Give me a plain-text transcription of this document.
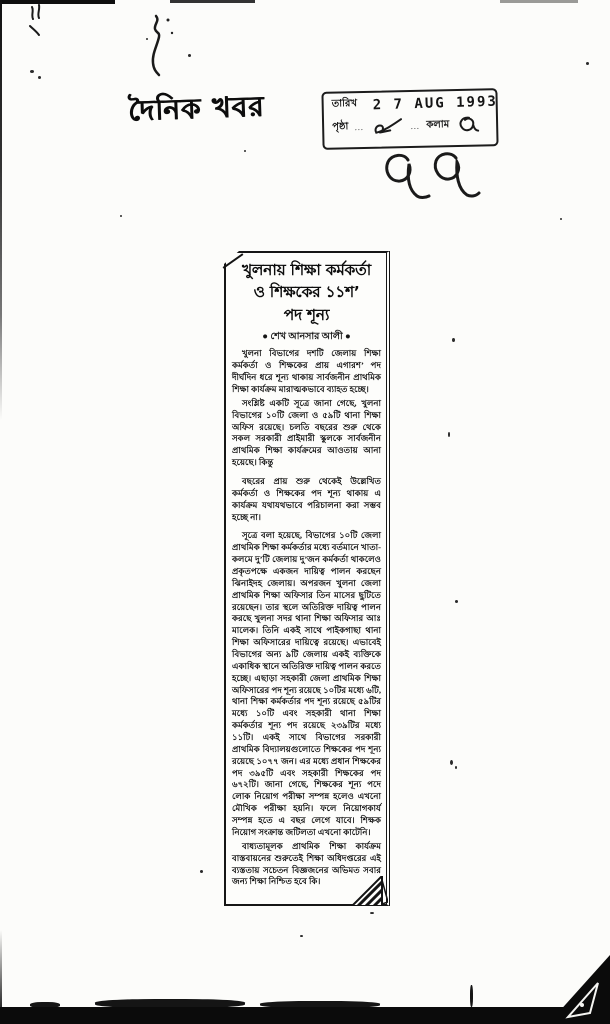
দৈনিক খবর	তারিখ 2 7 AUG 1993
পৃষ্ঠা …	… কলাম
খুলনায় শিক্ষা কর্মকর্তা
ও শিক্ষকের ১১শ’
পদ শূন্য
● শেখ আনসার আলী ●

খুলনা বিভাগের দশটি জেলায় শিক্ষা কর্মকর্তা ও শিক্ষকের প্রায় এগারশ’ পদ দীর্ঘদিন ধরে শূন্য থাকায় সার্বজনীন প্রাথমিক শিক্ষা কার্যক্রম মারাত্মকভাবে ব্যাহত হচ্ছে।

সংশ্লিষ্ট একটি সূত্রে জানা গেছে, খুলনা বিভাগের ১০টি জেলা ও ৫৯টি থানা শিক্ষা অফিস রয়েছে। চলতি বছরের শুরু থেকে সকল সরকারী প্রাইমারী স্কুলকে সার্বজনীন প্রাথমিক শিক্ষা কার্যক্রমের আওতায় আনা হয়েছে। কিন্তু

বছরের প্রায় শুরু থেকেই উল্লেখিত কর্মকর্তা ও শিক্ষকের পদ শূন্য থাকায় এ কার্যক্রম যথাযথভাবে পরিচালনা করা সম্ভব হচ্ছে না।

সূত্রে বলা হয়েছে, বিভাগের ১০টি জেলা প্রাথমিক শিক্ষা কর্মকর্তার মধ্যে বর্তমানে খাতা-কলমে দু’টি জেলায় দু’জন কর্মকর্তা থাকলেও প্রকৃতপক্ষে একজন দায়িত্ব পালন করছেন ঝিনাইদহ জেলায়। অপরজন খুলনা জেলা প্রাথমিক শিক্ষা অফিসার তিন মাসের ছুটিতে রয়েছেন। তার স্থলে অতিরিক্ত দায়িত্ব পালন করছে খুলনা সদর থানা শিক্ষা অফিসার আঃ মালেক। তিনি একই সাথে পাইকগাছা থানা শিক্ষা অফিসারের দায়িত্বে রয়েছে। এভাবেই বিভাগের অন্য ৯টি জেলায় একই ব্যক্তিকে একাধিক স্থানে অতিরিক্ত দায়িত্ব পালন করতে হচ্ছে। এছাড়া সহকারী জেলা প্রাথমিক শিক্ষা অফিসারের পদ শূন্য রয়েছে ১০টির মধ্যে ৬টি, থানা শিক্ষা কর্মকর্তার পদ শূন্য রয়েছে ৫৯টির মধ্যে ১০টি এবং সহকারী থানা শিক্ষা কর্মকর্তার শূন্য পদ রয়েছে ২৩৯টির মধ্যে ১১টি। একই সাথে বিভাগের সরকারী প্রাথমিক বিদ্যালয়গুলোতে শিক্ষকের পদ শূন্য রয়েছে ১০৭৭ জন। এর মধ্যে প্রধান শিক্ষকের পদ ৩৯৫টি এবং সহকারী শিক্ষকের পদ ৬৭২টি। জানা গেছে, শিক্ষকের শূন্য পদে লোক নিয়োগ পরীক্ষা সম্পন্ন হলেও এখনো মৌখিক পরীক্ষা হয়নি। ফলে নিয়োগকার্য সম্পন্ন হতে এ বছর লেগে যাবে। শিক্ষক নিয়োগ সংক্রান্ত জটিলতা এখনো কাটেনি।

বাধ্যতামূলক প্রাথমিক শিক্ষা কার্যক্রম বাস্তবায়নের শুরুতেই শিক্ষা অধিদপ্তরের এই ব্যস্ততায় সচেতন বিজ্ঞজনের অভিমত সবার জন্য শিক্ষা নিশ্চিত হবে কি।
